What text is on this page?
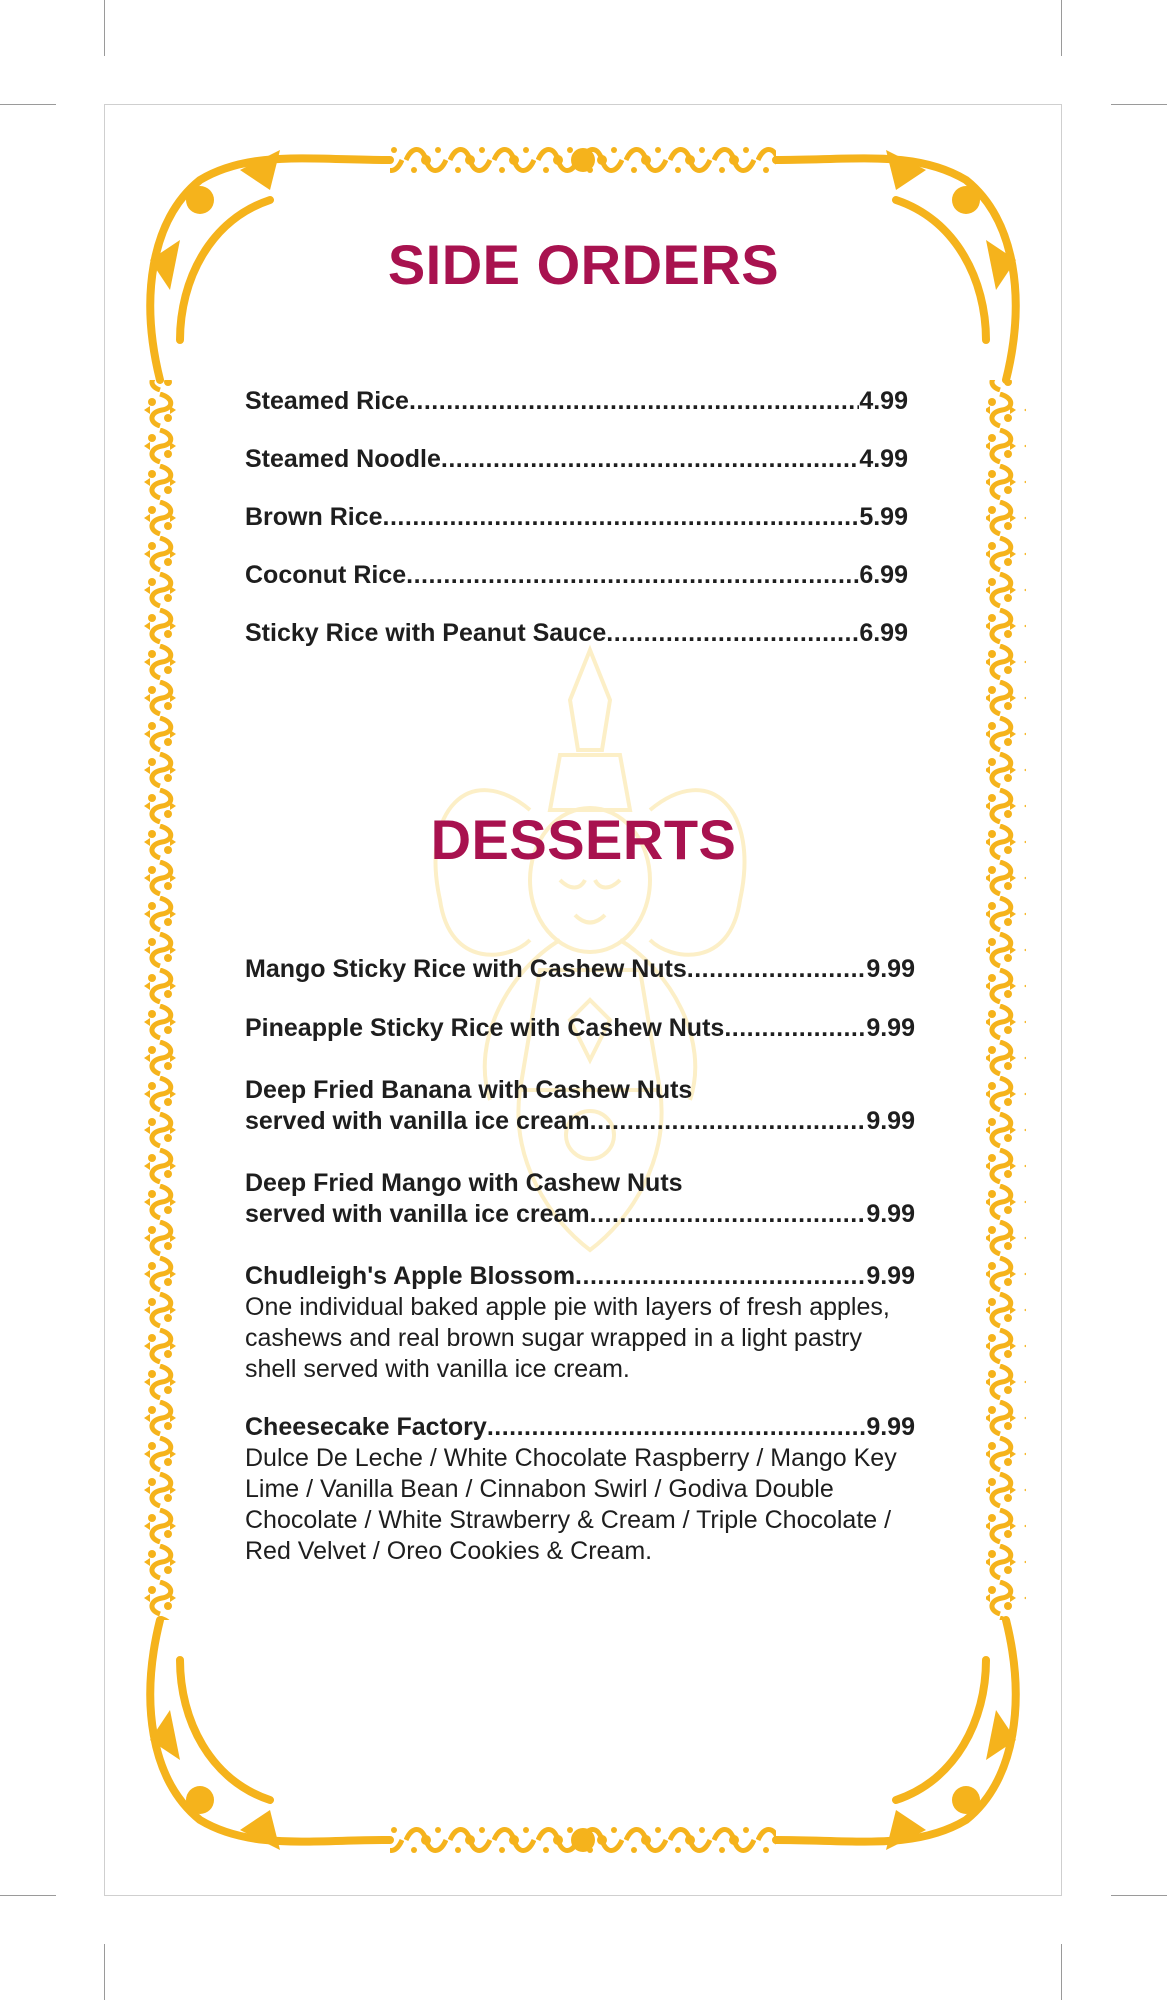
SIDE ORDERS
Steamed Rice .....	4.99
Steamed Noodle .....	4.99
Brown Rice .....	5.99
Coconut Rice .....	6.99
Sticky Rice with Peanut Sauce .....	6.99
DESSERTS
Mango Sticky Rice with Cashew Nuts .....	9.99
Pineapple Sticky Rice with Cashew Nuts .....	9.99
Deep Fried Banana with Cashew Nuts
served with vanilla ice cream .....	9.99
Deep Fried Mango with Cashew Nuts
served with vanilla ice cream .....	9.99
Chudleigh's Apple Blossom .....	9.99
One individual baked apple pie with layers of fresh apples, cashews and real brown sugar wrapped in a light pastry shell served with vanilla ice cream.
Cheesecake Factory .....	9.99
Dulce De Leche / White Chocolate Raspberry / Mango Key Lime / Vanilla Bean / Cinnabon Swirl / Godiva Double Chocolate / White Strawberry & Cream / Triple Chocolate / Red Velvet / Oreo Cookies & Cream.
